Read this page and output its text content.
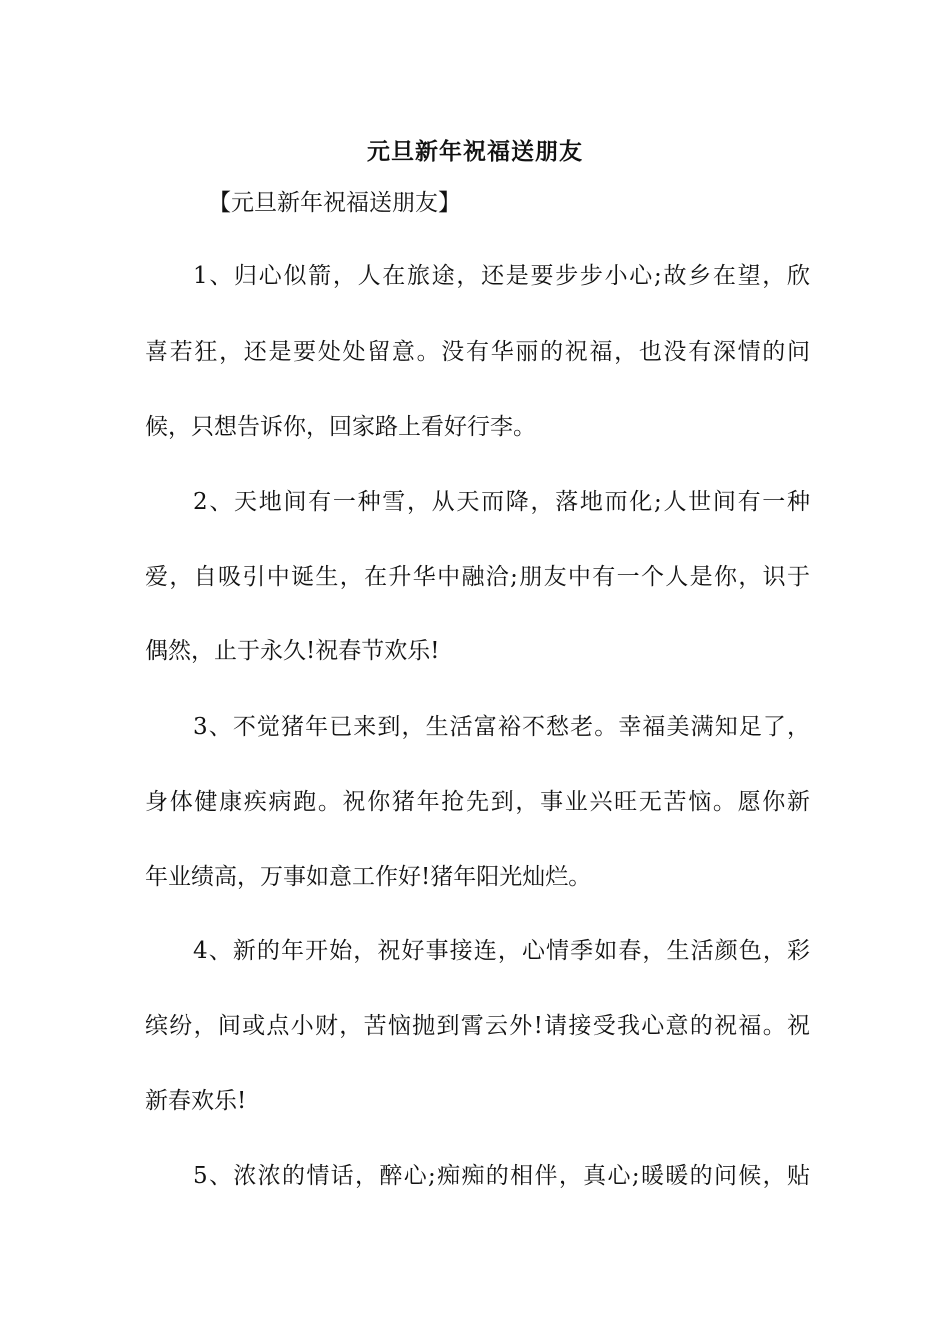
元旦新年祝福送朋友

【元旦新年祝福送朋友】

1、归心似箭，人在旅途，还是要步步小心;故乡在望，欣

喜若狂，还是要处处留意。没有华丽的祝福，也没有深情的问

候，只想告诉你，回家路上看好行李。

2、天地间有一种雪，从天而降，落地而化;人世间有一种

爱，自吸引中诞生，在升华中融洽;朋友中有一个人是你，识于

偶然，止于永久!祝春节欢乐!

3、不觉猪年已来到，生活富裕不愁老。幸福美满知足了，

身体健康疾病跑。祝你猪年抢先到，事业兴旺无苦恼。愿你新

年业绩高，万事如意工作好!猪年阳光灿烂。

4、新的年开始，祝好事接连，心情季如春，生活颜色，彩

缤纷，间或点小财，苦恼抛到霄云外!请接受我心意的祝福。祝

新春欢乐!

5、浓浓的情话，醉心;痴痴的相伴，真心;暖暖的问候，贴
